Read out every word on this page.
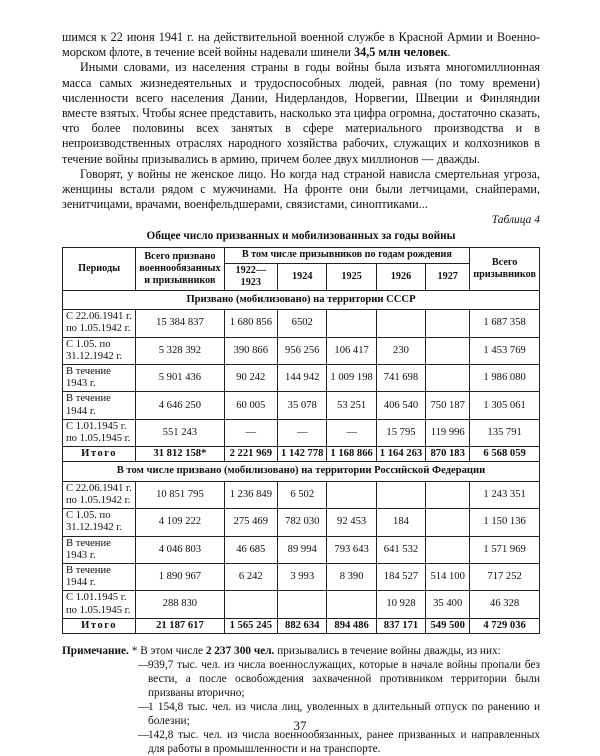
шимся к 22 июня 1941 г. на действительной военной службе в Красной Армии и Военно-морском флоте, в течение всей войны надевали шинели 34,5 млн человек.

Иными словами, из населения страны в годы войны была изъята многомиллионная масса самых жизнедеятельных и трудоспособных людей, равная (по тому времени) численности всего населения Дании, Нидерландов, Норвегии, Швеции и Финляндии вместе взятых. Чтобы яснее представить, насколько эта цифра огромна, достаточно сказать, что более половины всех занятых в сфере материального производства и в непроизводственных отраслях народного хозяйства рабочих, служащих и колхозников в течение войны призывались в армию, причем более двух миллионов — дважды.

Говорят, у войны не женское лицо. Но когда над страной нависла смертельная угроза, женщины встали рядом с мужчинами. На фронте они были летчицами, снайперами, зенитчицами, врачами, военфельдшерами, связистами, синоптиками...

Таблица 4
Общее число призванных и мобилизованных за годы войны
Периоды	Всего призвано военнообязанных и призывников	В том числе призывников по годам рождения					Всего призывников
		1922—1923	1924	1925	1926	1927	
Призвано (мобилизовано) на территории СССР							
С 22.06.1941 г. по 1.05.1942 г.	15 384 837	1 680 856	6502				1 687 358
С 1.05. по 31.12.1942 г.	5 328 392	390 866	956 256	106 417	230		1 453 769
В течение 1943 г.	5 901 436	90 242	144 942	1 009 198	741 698		1 986 080
В течение 1944 г.	4 646 250	60 005	35 078	53 251	406 540	750 187	1 305 061
С 1.01.1945 г. по 1.05.1945 г.	551 243	—	—	—	15 795	119 996	135 791
Итого	31 812 158*	2 221 969	1 142 778	1 168 866	1 164 263	870 183	6 568 059
В том числе призвано (мобилизовано) на территории Российской Федерации							
С 22.06.1941 г. по 1.05.1942 г.	10 851 795	1 236 849	6 502				1 243 351
С 1.05. по 31.12.1942 г.	4 109 222	275 469	782 030	92 453	184		1 150 136
В течение 1943 г.	4 046 803	46 685	89 994	793 643	641 532		1 571 969
В течение 1944 г.	1 890 967	6 242	3 993	8 390	184 527	514 100	717 252
С 1.01.1945 г. по 1.05.1945 г.	288 830				10 928	35 400	46 328
Итого	21 187 617	1 565 245	882 634	894 486	837 171	549 500	4 729 036
Примечание. * В этом числе 2 237 300 чел. призывались в течение войны дважды, из них:
—
939,7 тыс. чел. из числа военнослужащих, которые в начале войны пропали без вести, а после освобождения захваченной противником территории были призваны вторично;
—
1 154,8 тыс. чел. из числа лиц, уволенных в длительный отпуск по ранению и болезни;
—
142,8 тыс. чел. из числа военнообязанных, ранее призванных и направленных для работы в промышленности и на транспорте.
37
